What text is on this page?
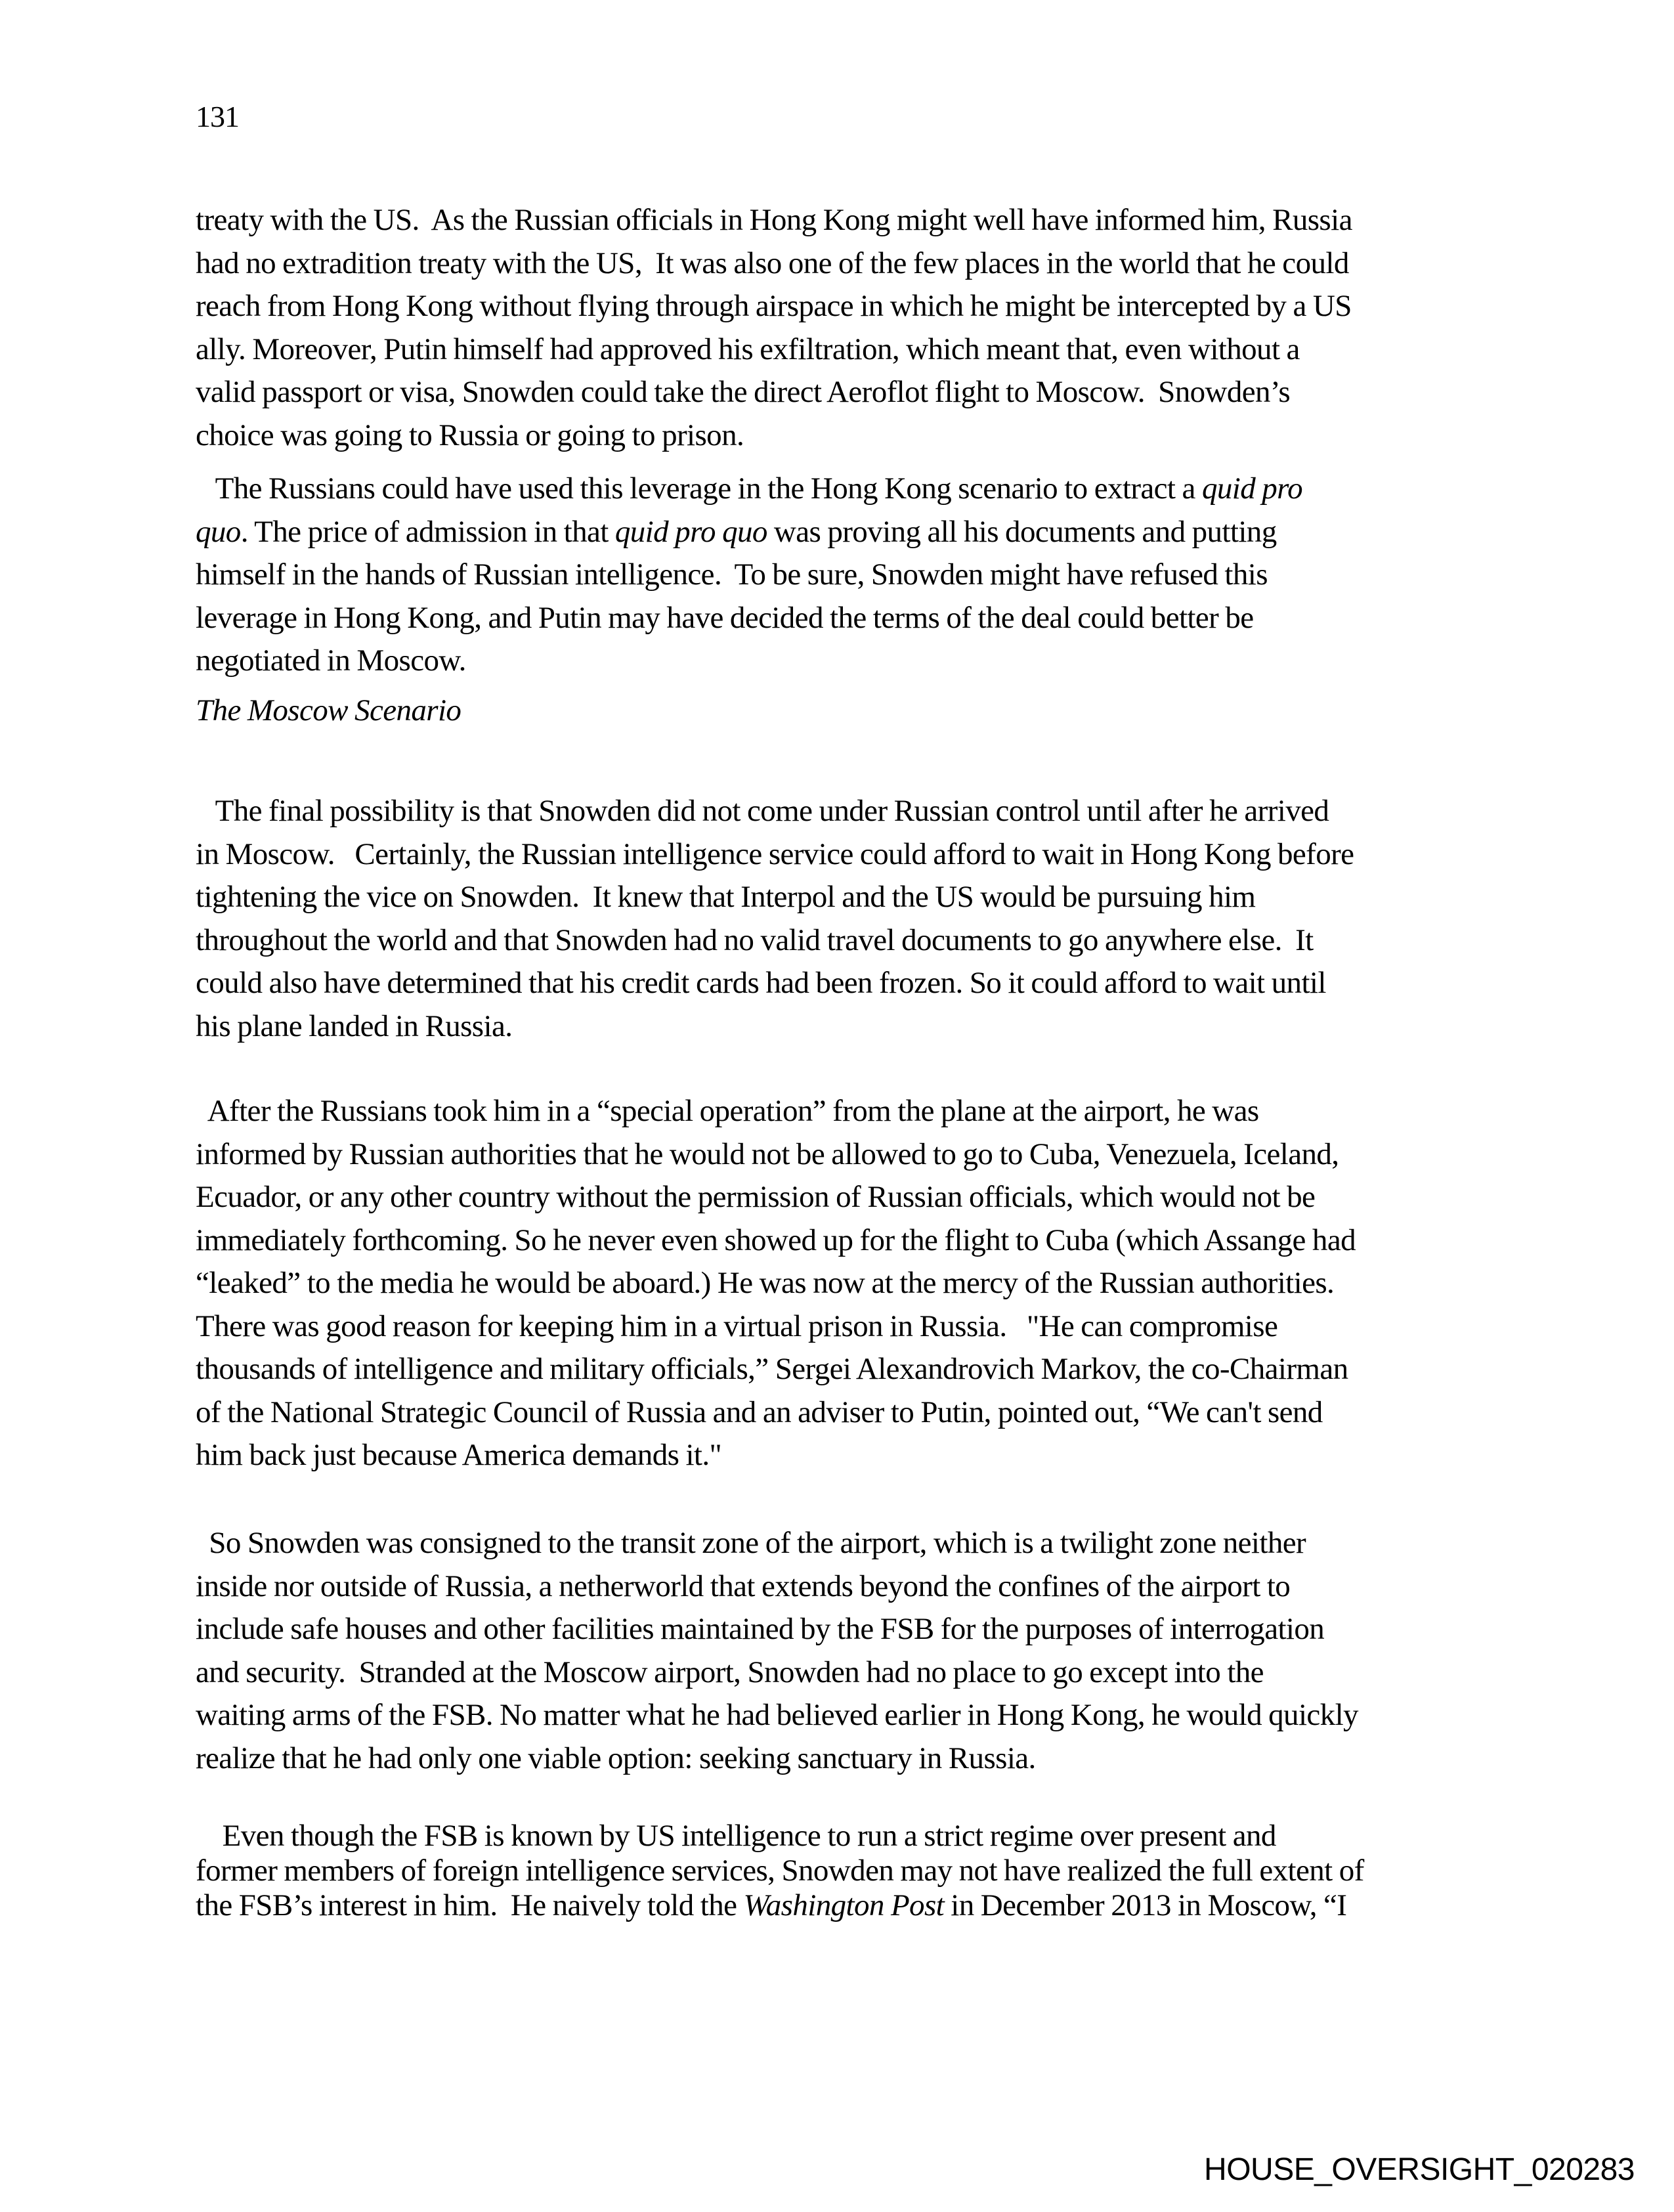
131
treaty with the US.  As the Russian officials in Hong Kong might well have informed him, Russia
had no extradition treaty with the US,  It was also one of the few places in the world that he could
reach from Hong Kong without flying through airspace in which he might be intercepted by a US
ally. Moreover, Putin himself had approved his exfiltration, which meant that, even without a
valid passport or visa, Snowden could take the direct Aeroflot flight to Moscow.  Snowden’s
choice was going to Russia or going to prison.
The Russians could have used this leverage in the Hong Kong scenario to extract a quid pro
quo. The price of admission in that quid pro quo was proving all his documents and putting
himself in the hands of Russian intelligence.  To be sure, Snowden might have refused this
leverage in Hong Kong, and Putin may have decided the terms of the deal could better be
negotiated in Moscow.
The Moscow Scenario
The final possibility is that Snowden did not come under Russian control until after he arrived
in Moscow.   Certainly, the Russian intelligence service could afford to wait in Hong Kong before
tightening the vice on Snowden.  It knew that Interpol and the US would be pursuing him
throughout the world and that Snowden had no valid travel documents to go anywhere else.  It
could also have determined that his credit cards had been frozen. So it could afford to wait until
his plane landed in Russia.
After the Russians took him in a “special operation” from the plane at the airport, he was
informed by Russian authorities that he would not be allowed to go to Cuba, Venezuela, Iceland,
Ecuador, or any other country without the permission of Russian officials, which would not be
immediately forthcoming. So he never even showed up for the flight to Cuba (which Assange had
“leaked” to the media he would be aboard.) He was now at the mercy of the Russian authorities.
There was good reason for keeping him in a virtual prison in Russia.   "He can compromise
thousands of intelligence and military officials,” Sergei Alexandrovich Markov, the co-Chairman
of the National Strategic Council of Russia and an adviser to Putin, pointed out, “We can't send
him back just because America demands it."
So Snowden was consigned to the transit zone of the airport, which is a twilight zone neither
inside nor outside of Russia, a netherworld that extends beyond the confines of the airport to
include safe houses and other facilities maintained by the FSB for the purposes of interrogation
and security.  Stranded at the Moscow airport, Snowden had no place to go except into the
waiting arms of the FSB. No matter what he had believed earlier in Hong Kong, he would quickly
realize that he had only one viable option: seeking sanctuary in Russia.
Even though the FSB is known by US intelligence to run a strict regime over present and
former members of foreign intelligence services, Snowden may not have realized the full extent of
the FSB’s interest in him.  He naively told the Washington Post in December 2013 in Moscow, “I
HOUSE_OVERSIGHT_020283
